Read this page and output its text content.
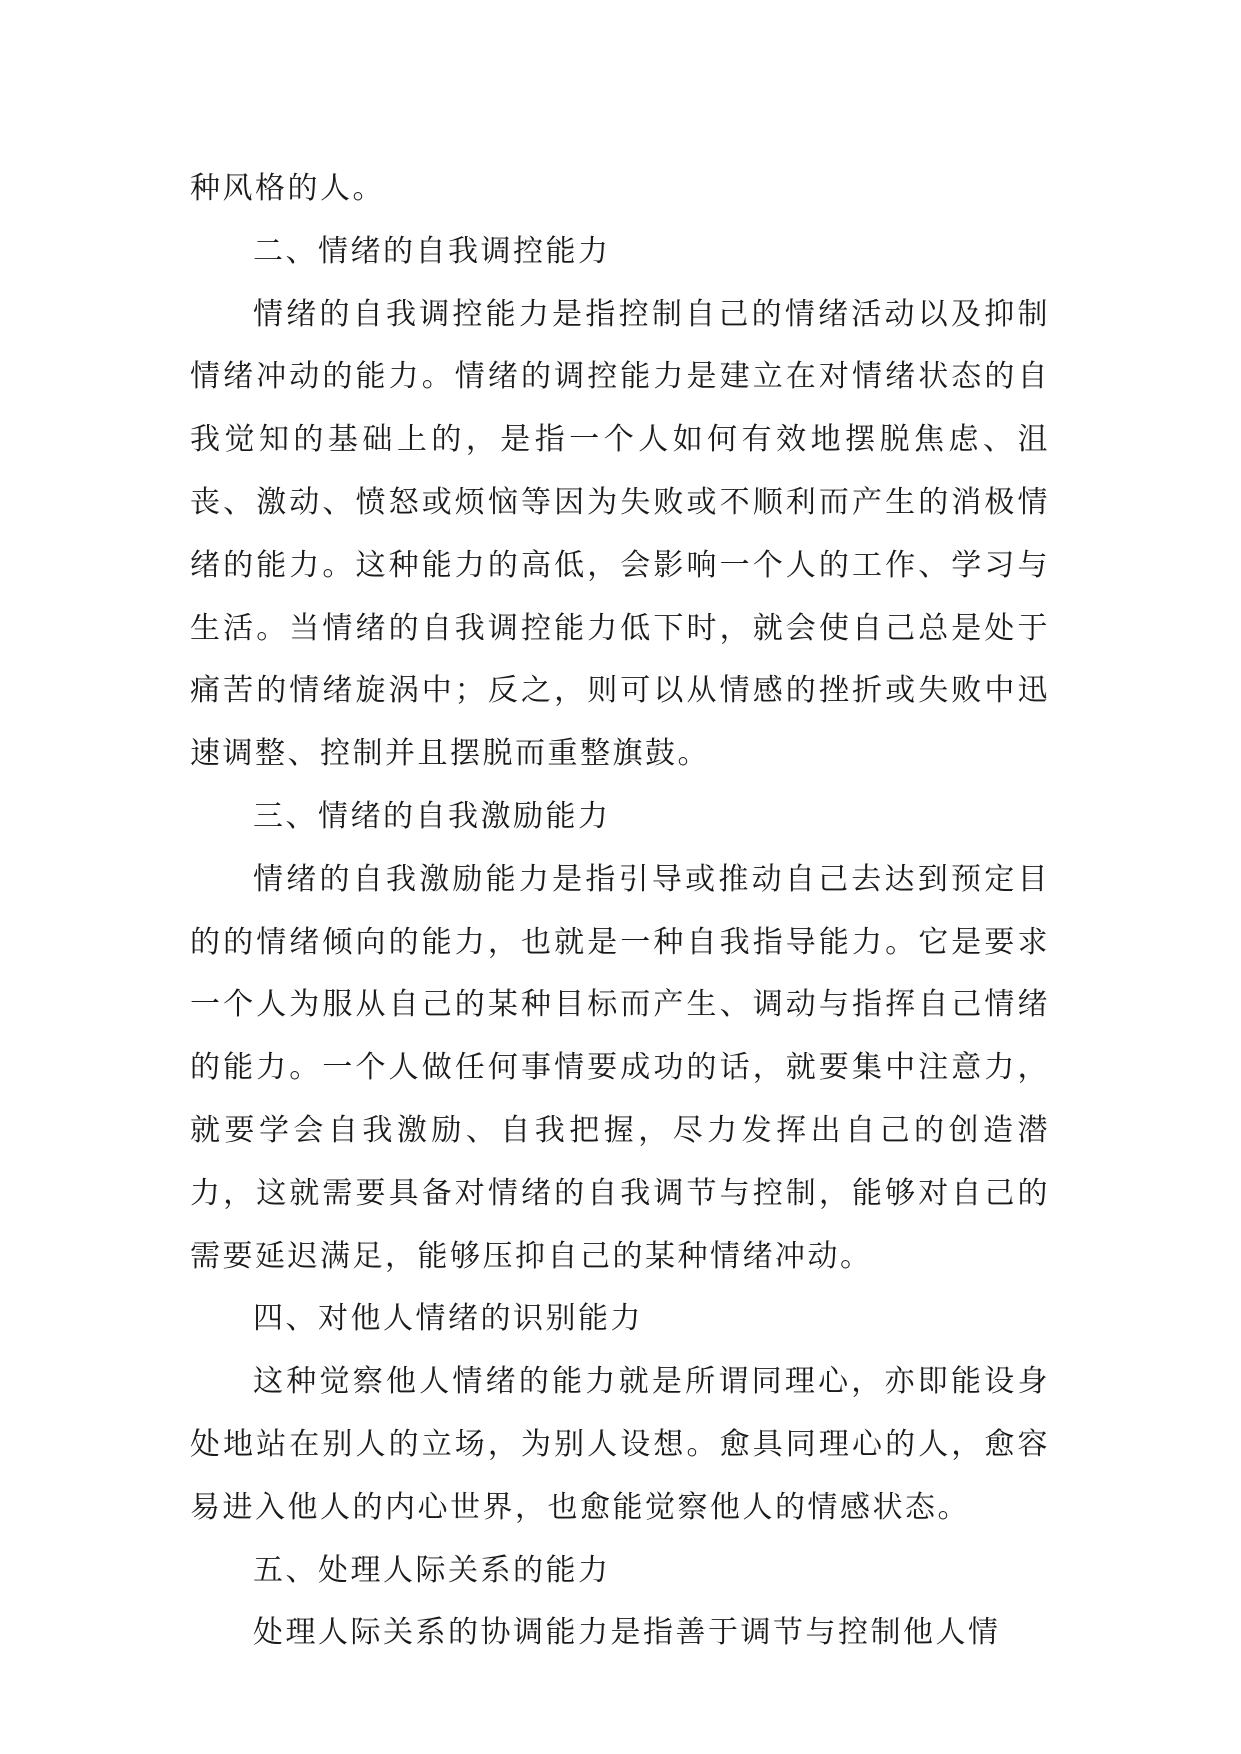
种风格的人。

二、情绪的自我调控能力

情绪的自我调控能力是指控制自己的情绪活动以及抑制情绪冲动的能力。情绪的调控能力是建立在对情绪状态的自我觉知的基础上的，是指一个人如何有效地摆脱焦虑、沮丧、激动、愤怒或烦恼等因为失败或不顺利而产生的消极情绪的能力。这种能力的高低，会影响一个人的工作、学习与生活。当情绪的自我调控能力低下时，就会使自己总是处于痛苦的情绪旋涡中；反之，则可以从情感的挫折或失败中迅速调整、控制并且摆脱而重整旗鼓。

三、情绪的自我激励能力

情绪的自我激励能力是指引导或推动自己去达到预定目的的情绪倾向的能力，也就是一种自我指导能力。它是要求一个人为服从自己的某种目标而产生、调动与指挥自己情绪的能力。一个人做任何事情要成功的话，就要集中注意力，就要学会自我激励、自我把握，尽力发挥出自己的创造潜力，这就需要具备对情绪的自我调节与控制，能够对自己的需要延迟满足，能够压抑自己的某种情绪冲动。

四、对他人情绪的识别能力

这种觉察他人情绪的能力就是所谓同理心，亦即能设身处地站在别人的立场，为别人设想。愈具同理心的人，愈容易进入他人的内心世界，也愈能觉察他人的情感状态。

五、处理人际关系的能力

处理人际关系的协调能力是指善于调节与控制他人情
